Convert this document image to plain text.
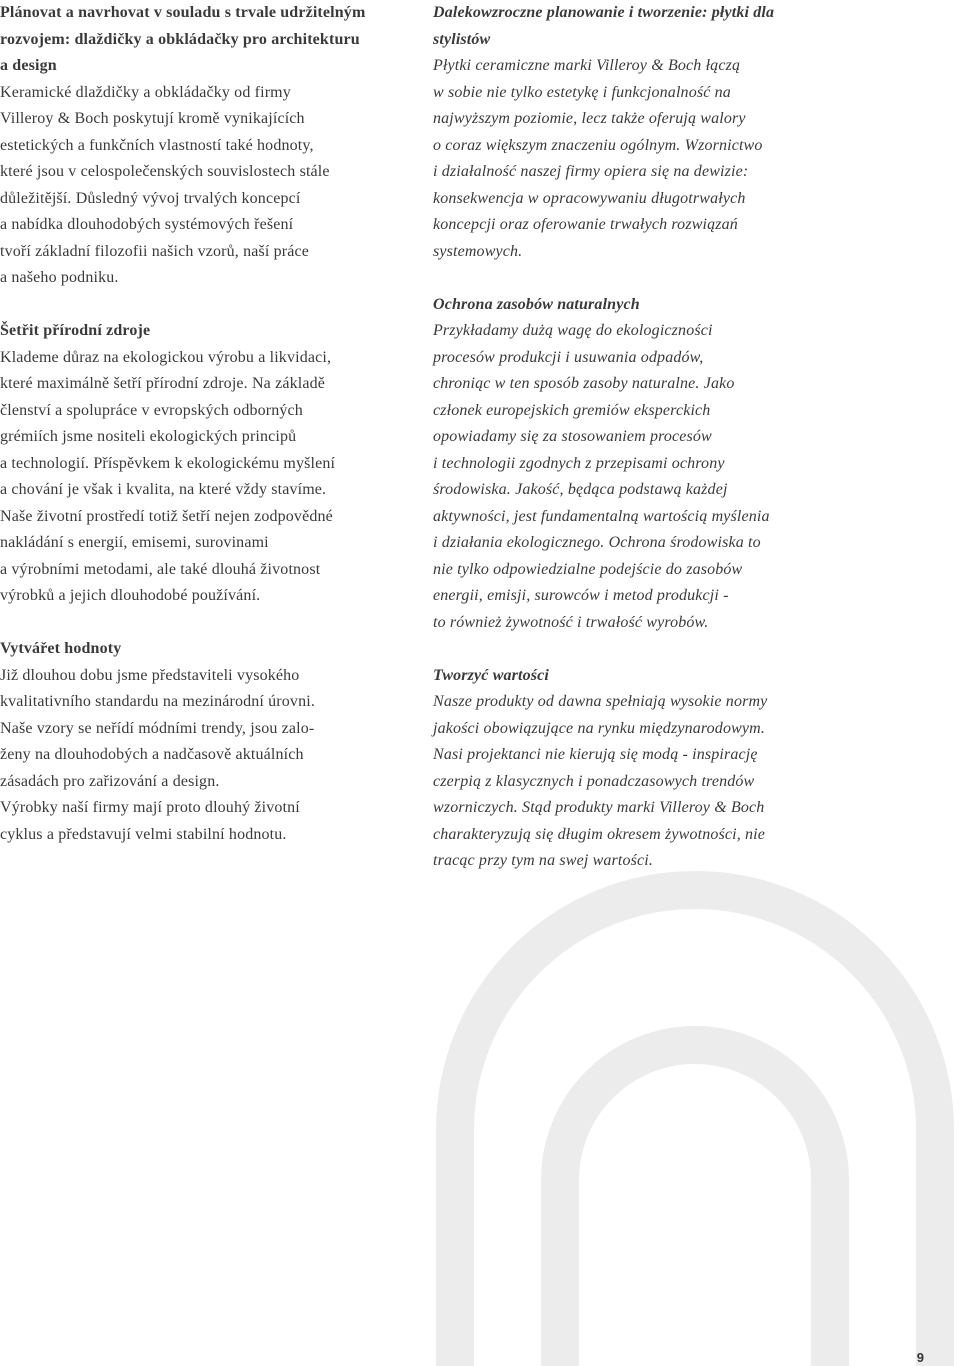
Plánovat a navrhovat v souladu s trvale udržitelným
rozvojem: dlaždičky a obkládačky pro architekturu
a design
Keramické dlaždičky a obkládačky od firmy
Villeroy & Boch poskytují kromě vynikajících
estetických a funkčních vlastností také hodnoty,
které jsou v celospolečenských souvislostech stále
důležitější. Důsledný vývoj trvalých koncepcí
a nabídka dlouhodobých systémových řešení
tvoří základní filozofii našich vzorů, naší práce
a našeho podniku.
Šetřit přírodní zdroje
Klademe důraz na ekologickou výrobu a likvidaci,
které maximálně šetří přírodní zdroje. Na základě
členství a spolupráce v evropských odborných
grémiích jsme nositeli ekologických principů
a technologií. Příspěvkem k ekologickému myšlení
a chování je však i kvalita, na které vždy stavíme.
Naše životní prostředí totiž šetří nejen zodpovědné
nakládání s energií, emisemi, surovinami
a výrobními metodami, ale také dlouhá životnost
výrobků a jejich dlouhodobé používání.
Vytvářet hodnoty
Již dlouhou dobu jsme představiteli vysokého
kvalitativního standardu na mezinárodní úrovni.
Naše vzory se neřídí módními trendy, jsou zalo-
ženy na dlouhodobých a nadčasově aktuálních
zásadách pro zařizování a design.
Výrobky naší firmy mají proto dlouhý životní
cyklus a představují velmi stabilní hodnotu.
Dalekowzroczne planowanie i tworzenie: płytki dla
stylistów
Płytki ceramiczne marki Villeroy & Boch łączą
w sobie nie tylko estetykę i funkcjonalność na
najwyższym poziomie, lecz także oferują walory
o coraz większym znaczeniu ogólnym. Wzornictwo
i działalność naszej firmy opiera się na dewizie:
konsekwencja w opracowywaniu długotrwałych
koncepcji oraz oferowanie trwałych rozwiązań
systemowych.
Ochrona zasobów naturalnych
Przykładamy dużą wagę do ekologiczności
procesów produkcji i usuwania odpadów,
chroniąc w ten sposób zasoby naturalne. Jako
członek europejskich gremiów eksperckich
opowiadamy się za stosowaniem procesów
i technologii zgodnych z przepisami ochrony
środowiska. Jakość, będąca podstawą każdej
aktywności, jest fundamentalną wartością myślenia
i działania ekologicznego. Ochrona środowiska to
nie tylko odpowiedzialne podejście do zasobów
energii, emisji, surowców i metod produkcji -
to również żywotność i trwałość wyrobów.
Tworzyć wartości
Nasze produkty od dawna spełniają wysokie normy
jakości obowiązujące na rynku międzynarodowym.
Nasi projektanci nie kierują się modą - inspirację
czerpią z klasycznych i ponadczasowych trendów
wzorniczych. Stąd produkty marki Villeroy & Boch
charakteryzują się długim okresem żywotności, nie
tracąc przy tym na swej wartości.
9
